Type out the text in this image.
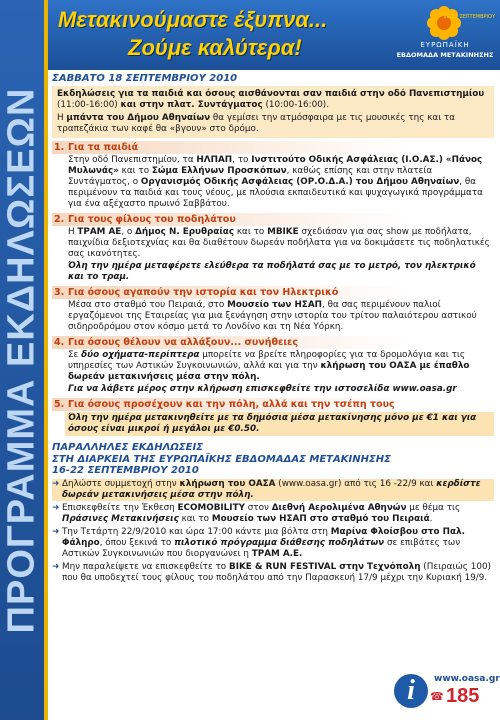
ΠΡΟΓΡΑΜΜΑ ΕΚΔΗΛΩΣΕΩΝ
Μετακινούμαστε έξυπνα...
Ζούμε καλύτερα!
16-22 ΣΕΠΤΕΜΒΡΙΟΥ
ΕΥΡΩΠΑΪΚΗ
ΕΒΔΟΜΑΔΑ ΜΕΤΑΚΙΝΗΣΗΣ
ΣΑΒΒΑΤΟ 18 ΣΕΠΤΕΜΒΡΙΟΥ 2010

Εκδηλώσεις για τα παιδιά και όσους αισθάνονται σαν παιδιά στην οδό Πανεπιστημίου (11:00-16:00) και στην πλατ. Συντάγματος (10:00-16:00).

Η μπάντα του Δήμου Αθηναίων θα γεμίσει την ατμόσφαιρα με τις μουσικές της και τα τραπεζάκια των καφέ θα «βγουν» στο δρόμο.

1. Για τα παιδιά

Στην οδό Πανεπιστημίου, τα ΗΛΠΑΠ, το Ινστιτούτο Οδικής Ασφάλειας (Ι.Ο.ΑΣ.) «Πάνος Μυλωνάς» και το Σώμα Ελλήνων Προσκόπων, καθώς επίσης και στην πλατεία Συντάγματος, ο Οργανισμός Οδικής Ασφάλειας (ΟΡ.Ο.Δ.Α.) του Δήμου Αθηναίων, θα περιμένουν τα παιδιά και τους νέους, με πλούσια εκπαιδευτικά και ψυχαγωγικά προγράμματα για ένα αξέχαστο πρωινό Σαββάτου.

2. Για τους φίλους του ποδηλάτου

Η ΤΡΑΜ ΑΕ, ο Δήμος Ν. Ερυθραίας και το MBIKE σχεδιάσαν για σας show με ποδήλατα, παιχνίδια δεξιοτεχνίας και θα διαθέτουν δωρεάν ποδήλατα για να δοκιμάσετε τις ποδηλατικές σας ικανότητες.

Όλη την ημέρα μεταφέρετε ελεύθερα τα ποδήλατά σας με το μετρό, τον ηλεκτρικό και το τραμ.

3. Για όσους αγαπούν την ιστορία και τον Ηλεκτρικό

Μέσα στο σταθμό του Πειραιά, στο Μουσείο των ΗΣΑΠ, θα σας περιμένουν παλιοί εργαζόμενοι της Εταιρείας για μια ξενάγηση στην ιστορία του τρίτου παλαιότερου αστικού σιδηροδρόμου στον κόσμο μετά το Λονδίνο και τη Νέα Υόρκη.

4. Για όσους θέλουν να αλλάξουν... συνήθειες

Σε δύο οχήματα-περίπτερα μπορείτε να βρείτε πληροφορίες για τα δρομολόγια και τις υπηρεσίες των Αστικών Συγκοινωνιών, αλλά και για την κλήρωση του ΟΑΣΑ με έπαθλο δωρεάν μετακινήσεις μέσα στην πόλη.

Για να λάβετε μέρος στην κλήρωση επισκεφθείτε την ιστοσελίδα www.oasa.gr

5. Για όσους προσέχουν και την πόλη, αλλά και την τσέπη τους

Όλη την ημέρα μετακινηθείτε με τα δημόσια μέσα μετακίνησης μόνο με €1 και για όσους είναι μικροί ή μεγάλοι με €0.50.

ΠΑΡΑΛΛΗΛΕΣ ΕΚΔΗΛΩΣΕΙΣ
ΣΤΗ ΔΙΑΡΚΕΙΑ ΤΗΣ ΕΥΡΩΠΑΪΚΗΣ ΕΒΔΟΜΑΔΑΣ ΜΕΤΑΚΙΝΗΣΗΣ
16-22 ΣΕΠΤΕΜΒΡΙΟΥ 2010
➜ Δηλώστε συμμετοχή στην κλήρωση του ΟΑΣΑ (www.oasa.gr) από τις 16 -22/9 και κερδίστε δωρεάν μετακινήσεις μέσα στην πόλη.
➜ Επισκεφθείτε την Έκθεση ECOMOBILITY στον Διεθνή Αερολιμένα Αθηνών με θέμα τις Πράσινες Μετακινήσεις και το Μουσείο των ΗΣΑΠ στο σταθμό του Πειραιά.
➜ Την Τετάρτη 22/9/2010 και ώρα 17:00 κάντε μια βόλτα στη Μαρίνα Φλοίσβου στο Παλ. Φάληρο, όπου ξεκινά το πιλοτικό πρόγραμμα διάθεσης ποδηλάτων σε επιβάτες των Αστικών Συγκοινωνιών που διοργανώνει η ΤΡΑΜ Α.Ε.
➜ Μην παραλείψετε να επισκεφθείτε το BIKE & RUN FESTIVAL στην Τεχνόπολη (Πειραιώς 100) που θα υποδεχτεί τους φίλους του ποδηλάτου από την Παρασκευή 17/9 μέχρι την Κυριακή 19/9.
i	www.oasa.gr
☎ 185
